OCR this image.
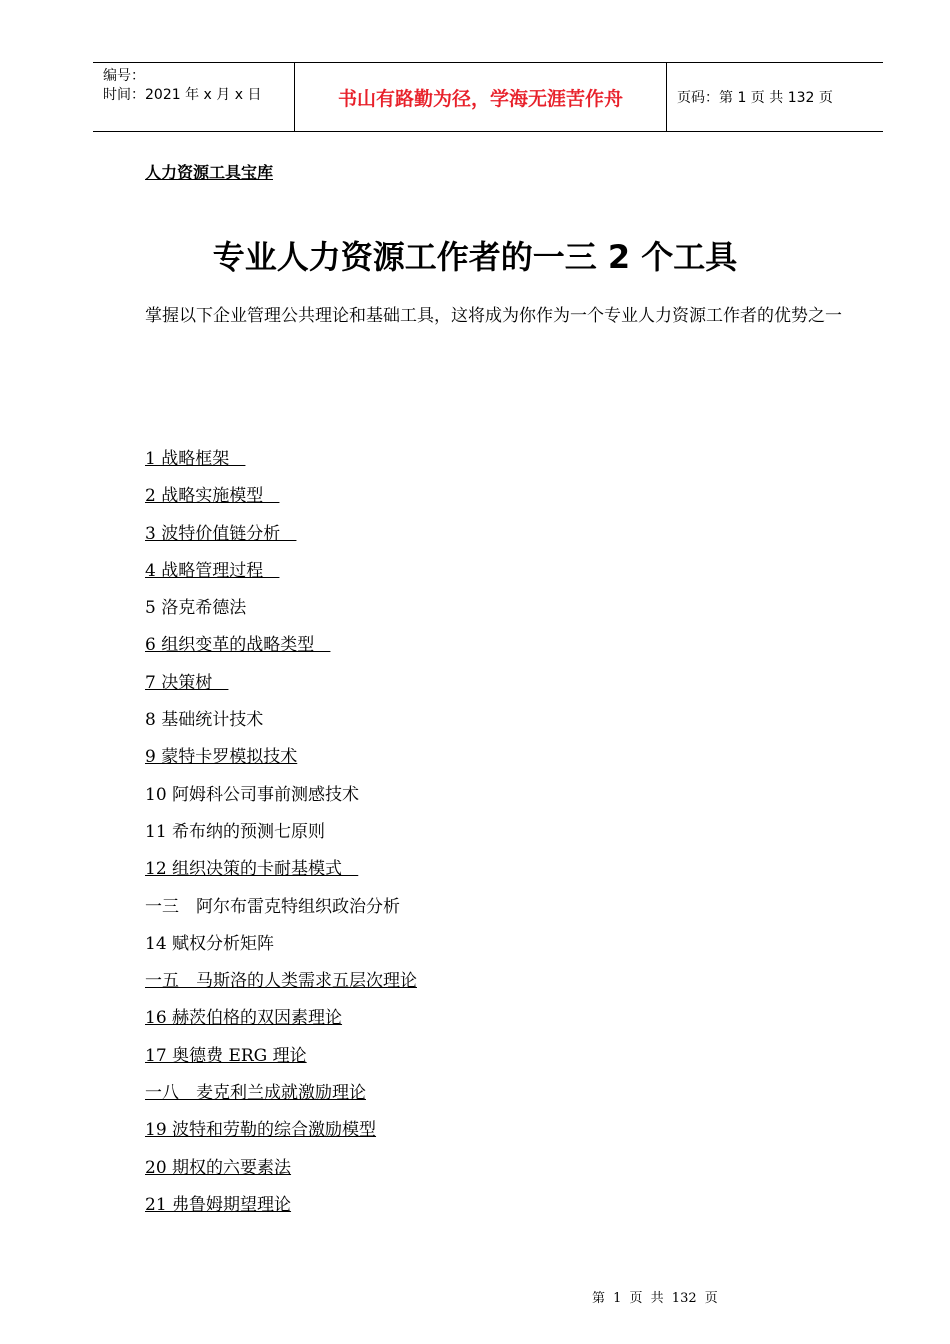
编号：
时间：2021 年 x 月 x 日	书山有路勤为径，学海无涯苦作舟	页码：第 1 页 共 132 页
人力资源工具宝库
专业人力资源工作者的一三 2 个工具
掌握以下企业管理公共理论和基础工具，这将成为你作为一个专业人力资源工作者的优势之一
1 战略框架
2 战略实施模型
3 波特价值链分析
4 战略管理过程
5 洛克希德法
6 组织变革的战略类型
7 决策树
8 基础统计技术
9 蒙特卡罗模拟技术
10 阿姆科公司事前测感技术
11 希布纳的预测七原则
12 组织决策的卡耐基模式
一三　阿尔布雷克特组织政治分析
14 赋权分析矩阵
一五　马斯洛的人类需求五层次理论
16 赫茨伯格的双因素理论
17 奥德费 ERG 理论
一八　麦克利兰成就激励理论
19 波特和劳勒的综合激励模型
20 期权的六要素法
21 弗鲁姆期望理论
第 1 页 共 132 页
